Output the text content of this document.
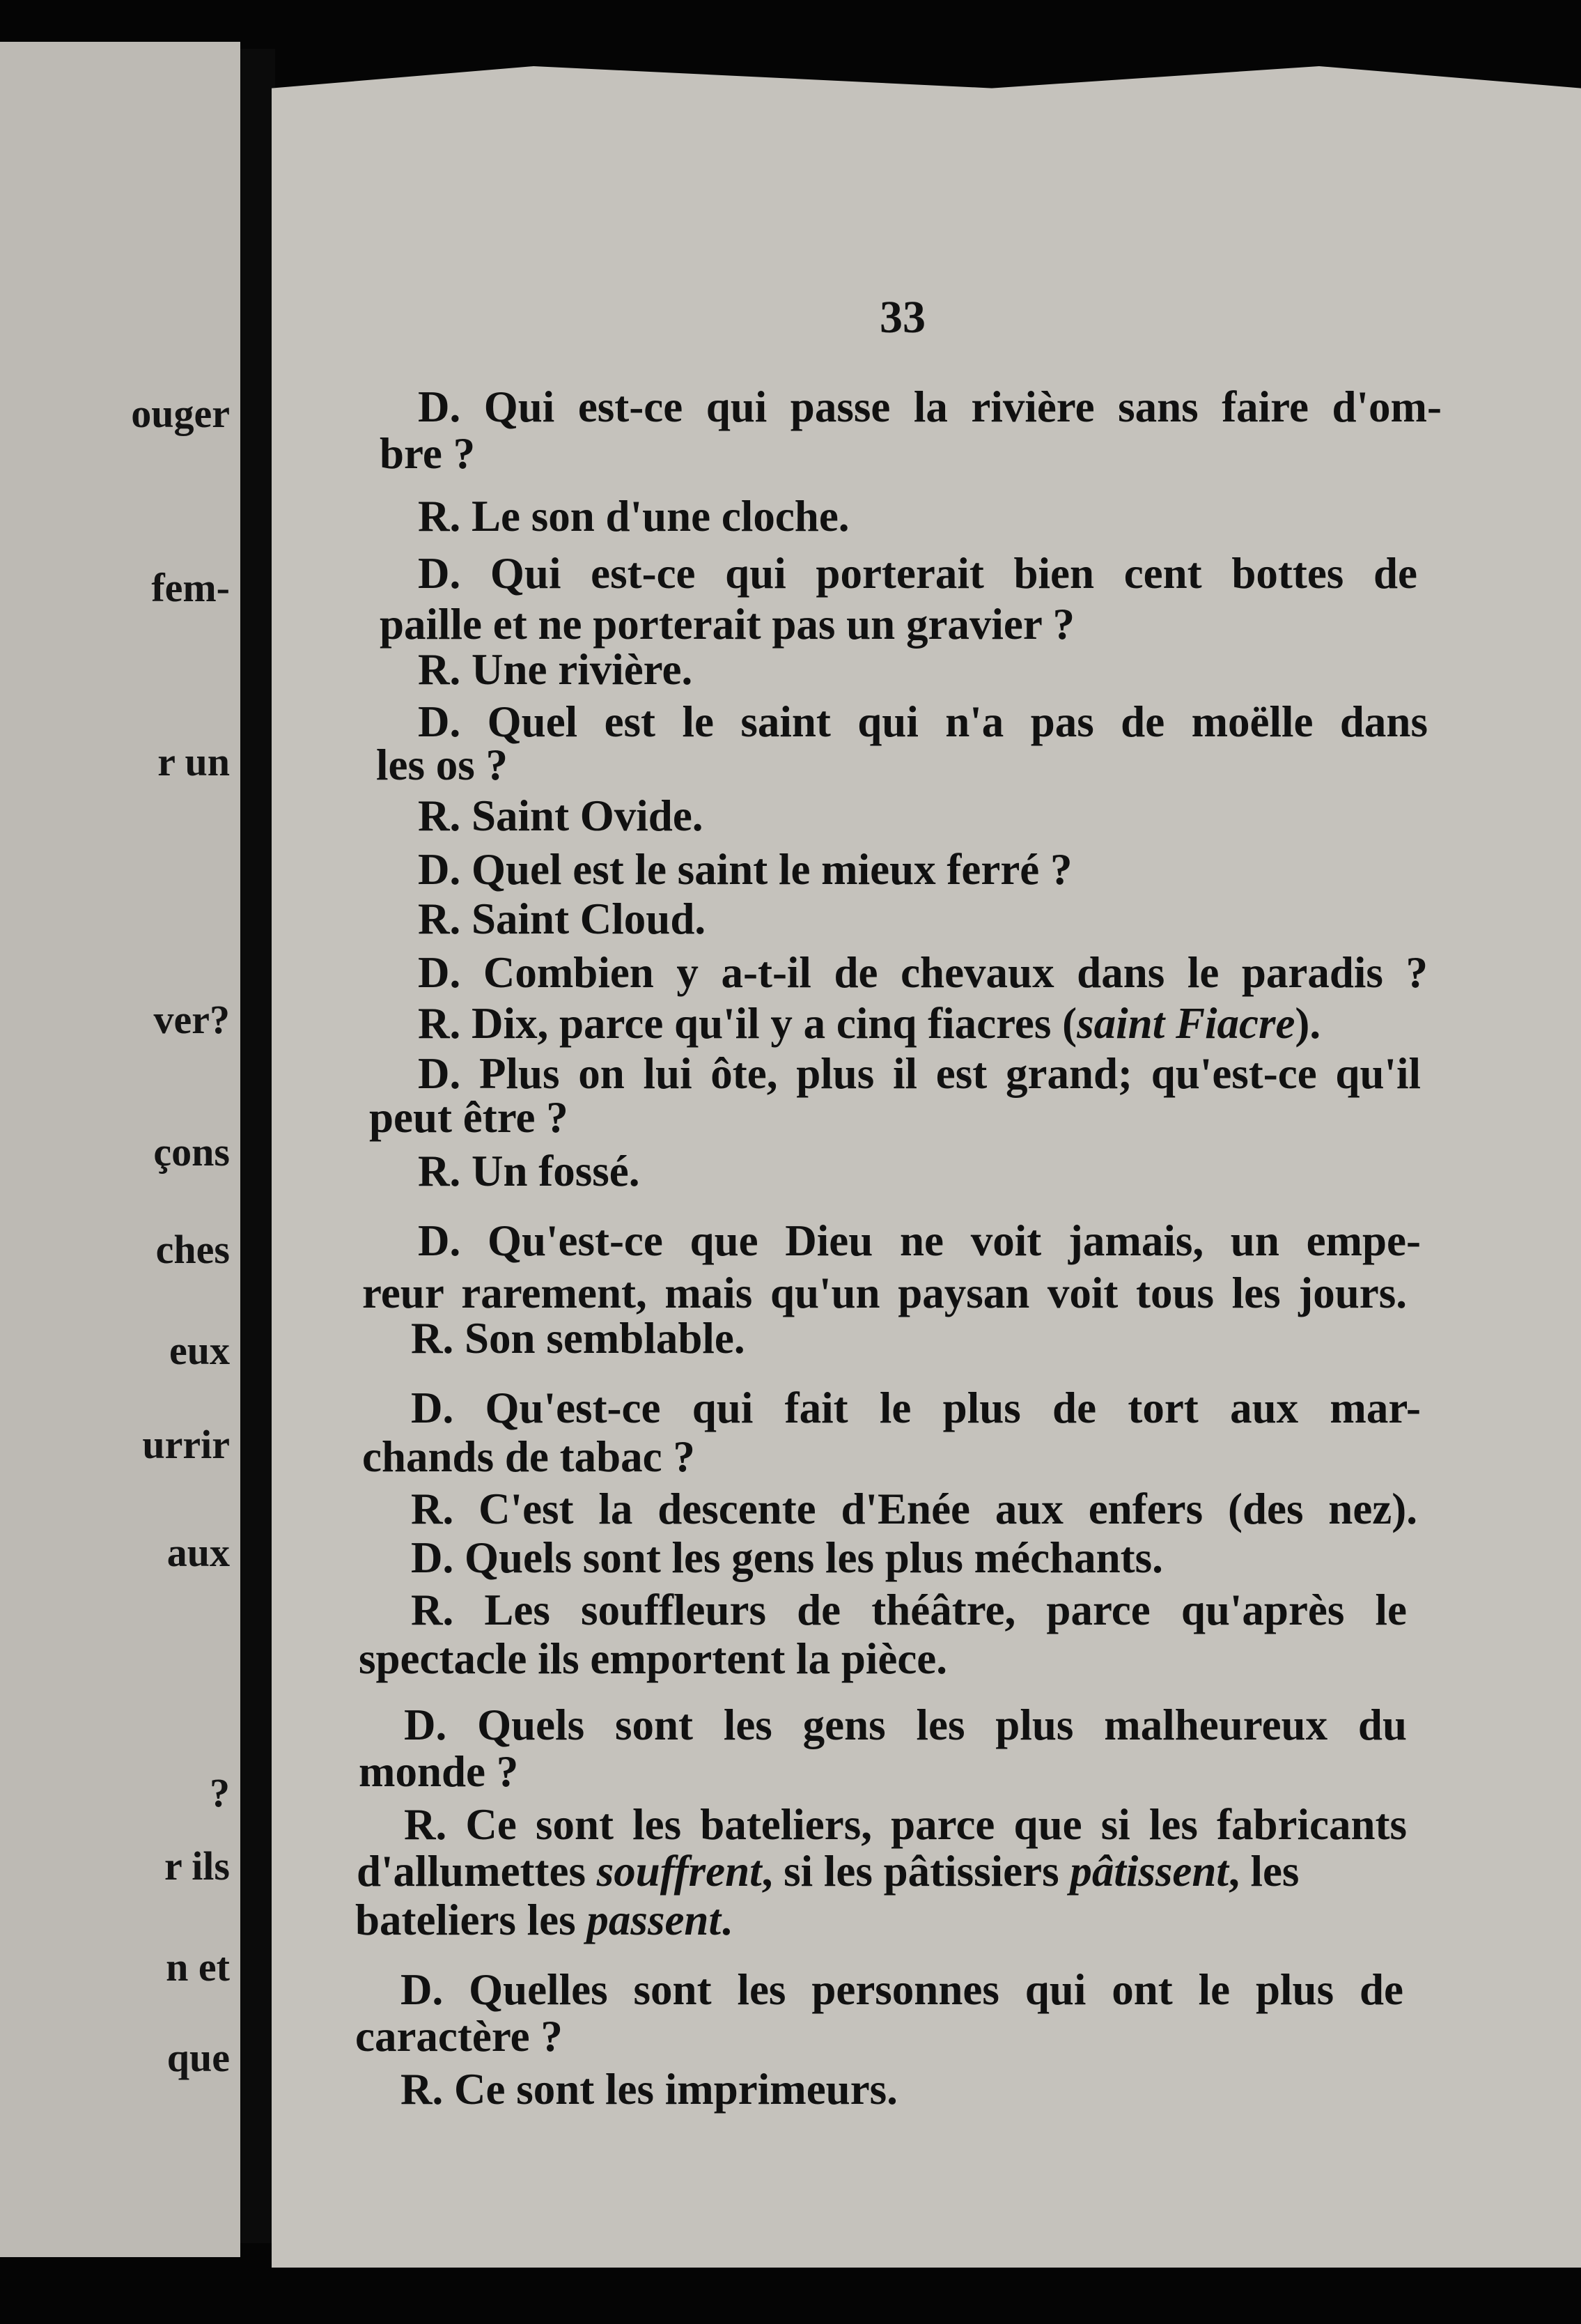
ouger
fem-
r un
ver?
çons
ches
eux
urrir
aux
?
r ils
n et
que
33
D. Qui est-ce qui passe la rivière sans faire d'om-
bre ?
R. Le son d'une cloche.
D. Qui est-ce qui porterait bien cent bottes de
paille et ne porterait pas un gravier ?
R. Une rivière.
D. Quel est le saint qui n'a pas de moëlle dans
les os ?
R. Saint Ovide.
D. Quel est le saint le mieux ferré ?
R. Saint Cloud.
D. Combien y a-t-il de chevaux dans le paradis ?
R. Dix, parce qu'il y a cinq fiacres (saint Fiacre).
D. Plus on lui ôte, plus il est grand; qu'est-ce qu'il
peut être ?
R. Un fossé.
D. Qu'est-ce que Dieu ne voit jamais, un empe-
reur rarement, mais qu'un paysan voit tous les jours.
R. Son semblable.
D. Qu'est-ce qui fait le plus de tort aux mar-
chands de tabac ?
R. C'est la descente d'Enée aux enfers (des nez).
D. Quels sont les gens les plus méchants.
R. Les souffleurs de théâtre, parce qu'après le
spectacle ils emportent la pièce.
D. Quels sont les gens les plus malheureux du
monde ?
R. Ce sont les bateliers, parce que si les fabricants
d'allumettes souffrent, si les pâtissiers pâtissent, les
bateliers les passent.
D. Quelles sont les personnes qui ont le plus de
caractère ?
R. Ce sont les imprimeurs.
